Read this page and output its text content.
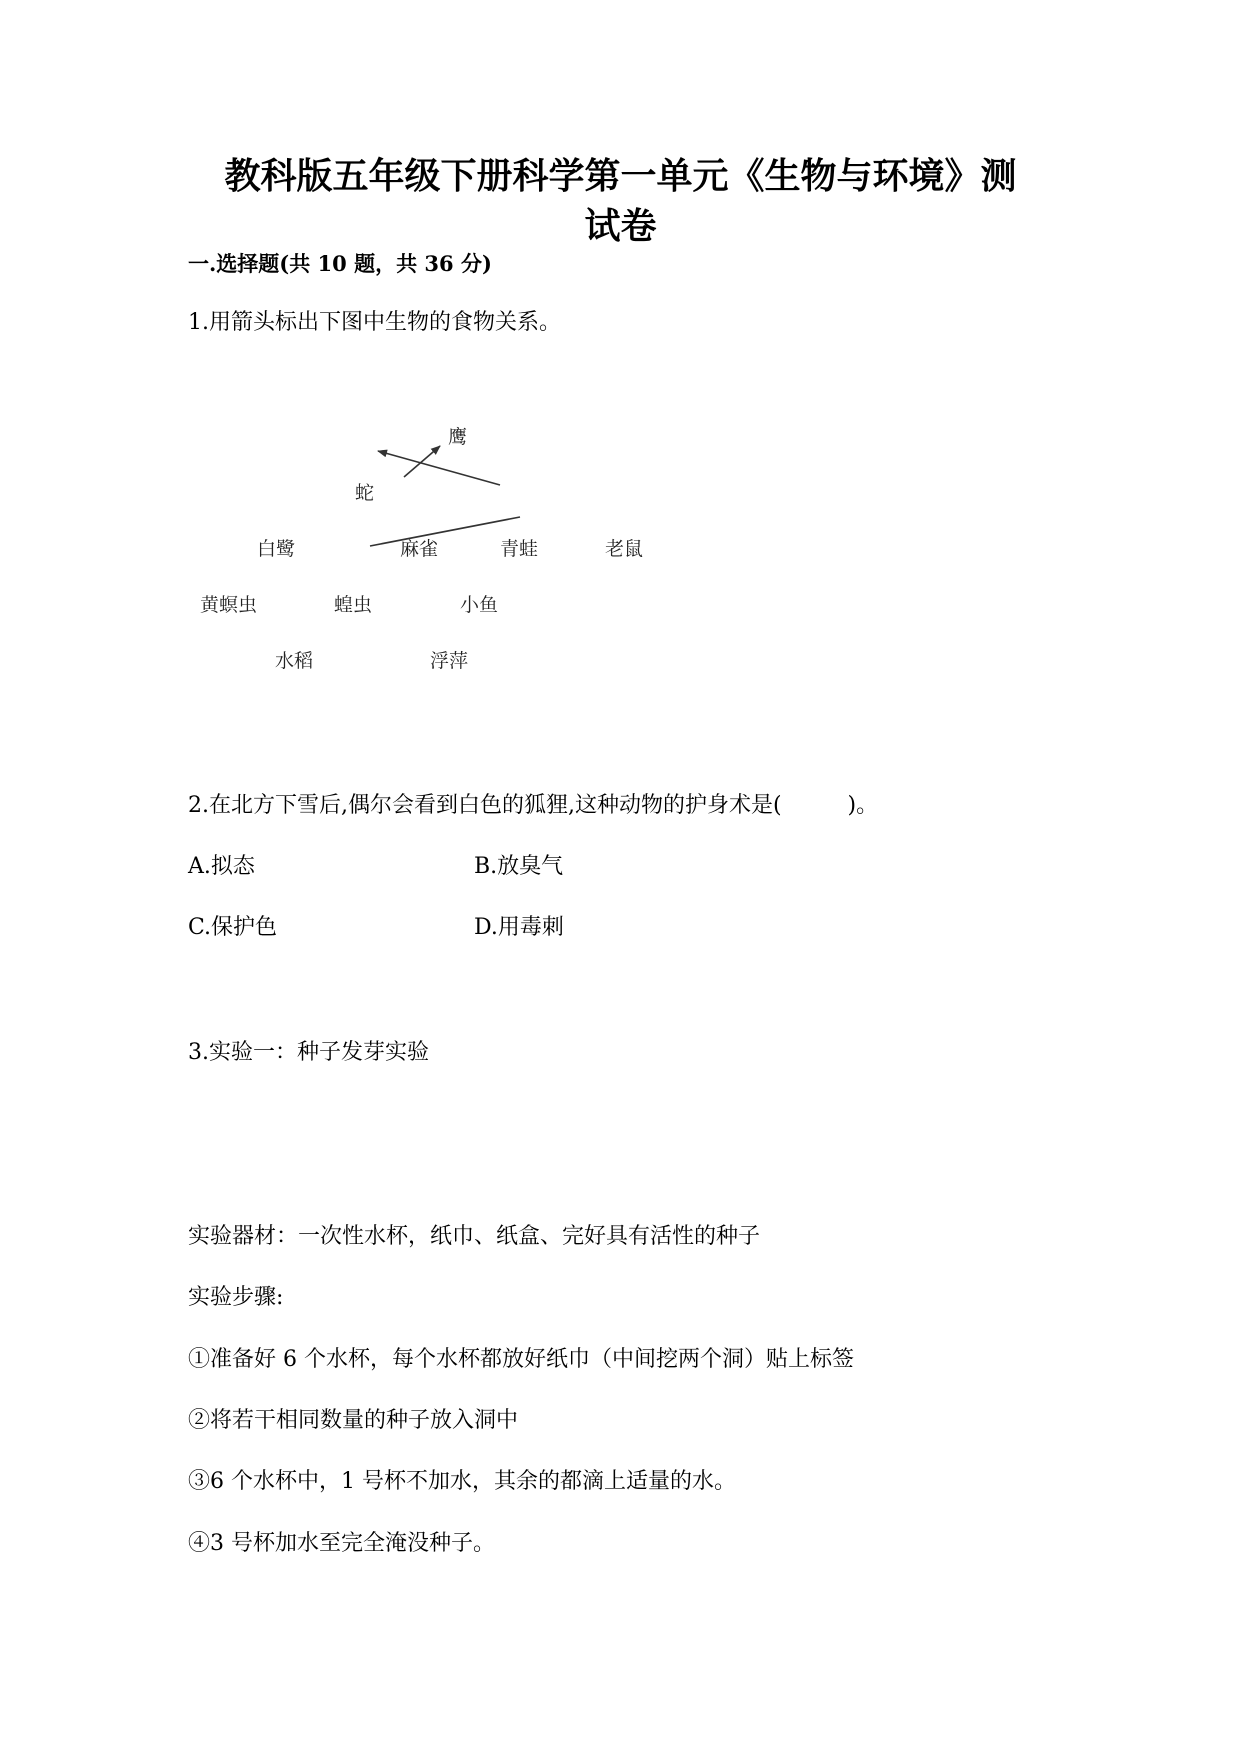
教科版五年级下册科学第一单元《生物与环境》测
试卷
一.选择题(共 10 题，共 36 分)

1.用箭头标出下图中生物的食物关系。

鹰
蛇
白鹭	麻雀	青蛙	老鼠
黄螟虫	蝗虫	小鱼
水稻	浮萍

2.在北方下雪后,偶尔会看到白色的狐狸,这种动物的护身术是(　　　)。

A.拟态	B.放臭气

C.保护色	D.用毒刺

3.实验一：种子发芽实验

实验器材：一次性水杯，纸巾、纸盒、完好具有活性的种子

实验步骤:

①准备好 6 个水杯，每个水杯都放好纸巾（中间挖两个洞）贴上标签

②将若干相同数量的种子放入洞中

③6 个水杯中，1 号杯不加水，其余的都滴上适量的水。

④3 号杯加水至完全淹没种子。
